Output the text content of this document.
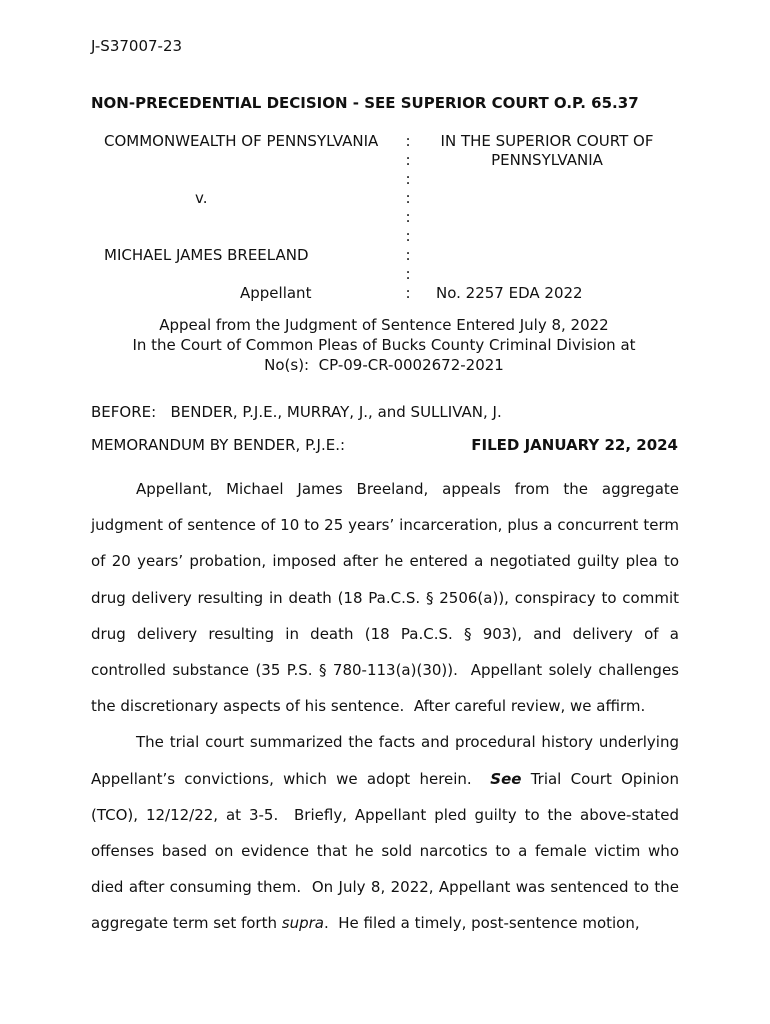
J-S37007-23
NON-PRECEDENTIAL DECISION - SEE SUPERIOR COURT O.P. 65.37
COMMONWEALTH OF PENNSYLVANIA
v.
MICHAEL JAMES BREELAND
Appellant
:
:
:
:
:
:
:
:
:
IN THE SUPERIOR COURT OF PENNSYLVANIA
No. 2257 EDA 2022
Appeal from the Judgment of Sentence Entered July 8, 2022
In the Court of Common Pleas of Bucks County Criminal Division at
No(s):  CP-09-CR-0002672-2021
BEFORE:   BENDER, P.J.E., MURRAY, J., and SULLIVAN, J.
MEMORANDUM BY BENDER, P.J.E.:	FILED JANUARY 22, 2024

Appellant, Michael James Breeland, appeals from the aggregate judgment of sentence of 10 to 25 years’ incarceration, plus a concurrent term of 20 years’ probation, imposed after he entered a negotiated guilty plea to drug delivery resulting in death (18 Pa.C.S. § 2506(a)), conspiracy to commit drug delivery resulting in death (18 Pa.C.S. § 903), and delivery of a controlled substance (35 P.S. § 780-113(a)(30)).  Appellant solely challenges the discretionary aspects of his sentence.  After careful review, we affirm.

The trial court summarized the facts and procedural history underlying Appellant’s convictions, which we adopt herein.  See Trial Court Opinion (TCO), 12/12/22, at 3-5.  Briefly, Appellant pled guilty to the above-stated offenses based on evidence that he sold narcotics to a female victim who died after consuming them.  On July 8, 2022, Appellant was sentenced to the aggregate term set forth supra.  He filed a timely, post-sentence motion,
